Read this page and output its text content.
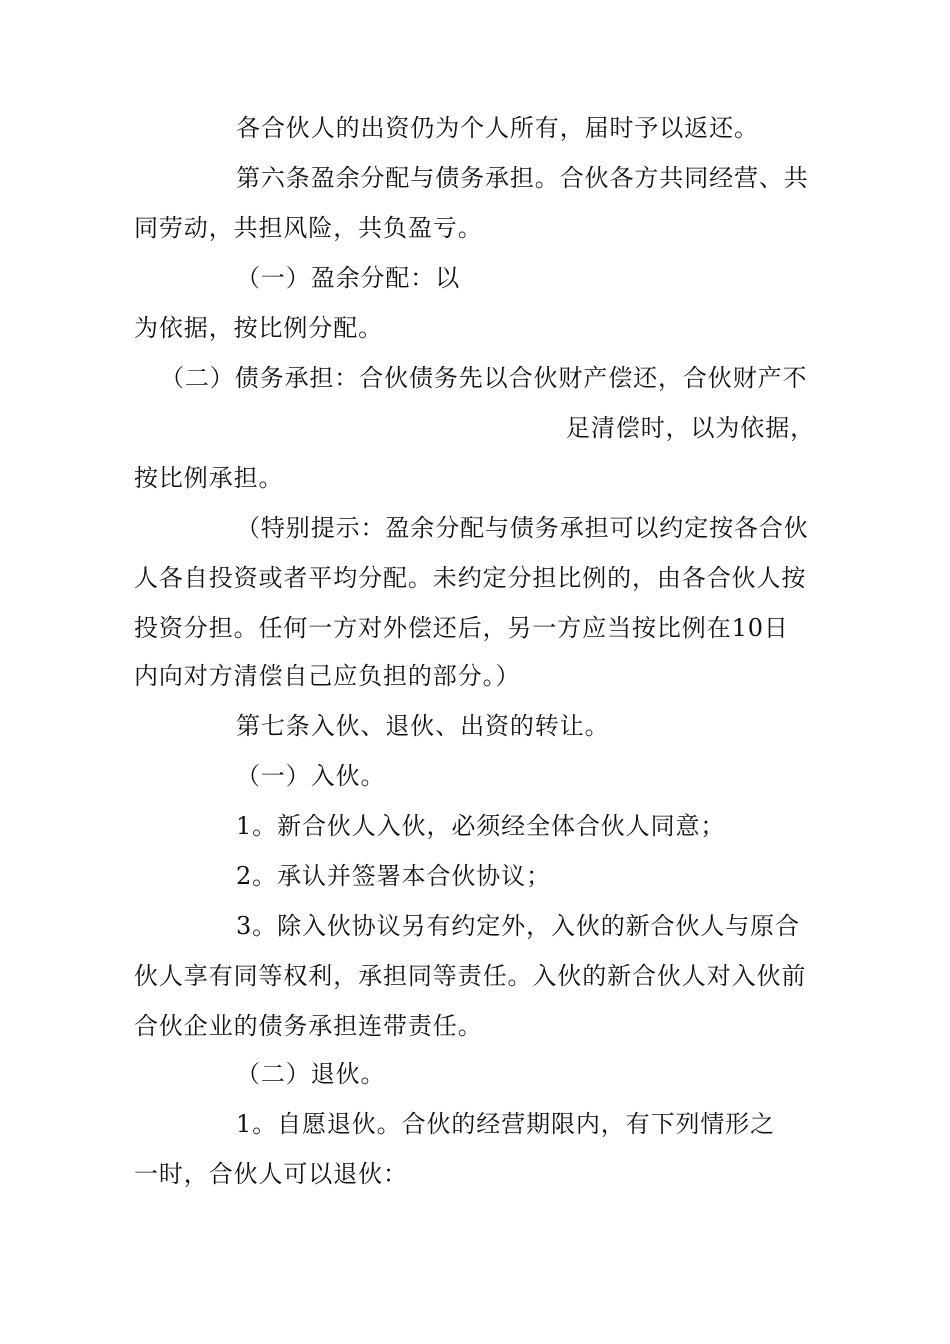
各合伙人的出资仍为个人所有，届时予以返还。
第六条盈余分配与债务承担。合伙各方共同经营、共
同劳动，共担风险，共负盈亏。
（一）盈余分配：以
为依据，按比例分配。
（二）债务承担：合伙债务先以合伙财产偿还，合伙财产不
足清偿时，以为依据，
按比例承担。
（特别提示：盈余分配与债务承担可以约定按各合伙
人各自投资或者平均分配。未约定分担比例的，由各合伙人按
投资分担。任何一方对外偿还后，另一方应当按比例在10日
内向对方清偿自己应负担的部分。）
第七条入伙、退伙、出资的转让。
（一）入伙。
1。新合伙人入伙，必须经全体合伙人同意；
2。承认并签署本合伙协议；
3。除入伙协议另有约定外，入伙的新合伙人与原合
伙人享有同等权利，承担同等责任。入伙的新合伙人对入伙前
合伙企业的债务承担连带责任。
（二）退伙。
1。自愿退伙。合伙的经营期限内，有下列情形之
一时，合伙人可以退伙：
